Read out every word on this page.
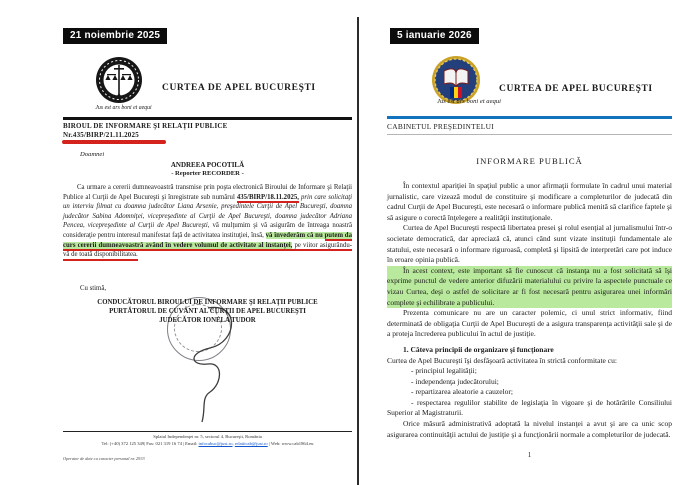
21 noiembrie 2025
Jus est ars boni et aequi
CURTEA DE APEL BUCUREŞTI
BIROUL DE INFORMARE ŞI RELAŢII PUBLICE
Nr.435/BIRP/21.11.2025
Doamnei
ANDREEA POCOTILĂ
- Reporter RECORDER -
Ca urmare a cererii dumneavoastră transmise prin poşta electronică Biroului de Informare şi Relaţii Publice al Curţii de Apel Bucureşti şi înregistrate sub numărul 435/BIRP/18.11.2025, prin care solicitaţi un interviu filmat cu doamna judecător Liana Arsenie, preşedintele Curţii de Apel Bucureşti, doamna judecător Sabina Adomniţei, vicepreşedinte al Curţii de Apel Bucureşti, doamna judecător Adriana Pencea, vicepreşedinte al Curţii de Apel Bucureşti, vă mulţumim şi vă asigurăm de întreaga noastră consideraţie pentru interesul manifestat faţă de activitatea instituţiei, însă, vă învederăm că nu putem da curs cererii dumneavoastră având în vedere volumul de activitate al instanţei, pe viitor asigurându-vă de toată disponibilitatea.
Cu stimă,
CONDUCĂTORUL BIROULUI DE INFORMARE ŞI RELAŢII PUBLICE
PURTĂTORUL DE CUVÂNT AL CURŢII DE APEL BUCUREŞTI
JUDECĂTOR IONELA TUDOR
Splaiul Independenţei nr. 5, sectorul 4, Bucureşti, România
Tel: (+40) 372 125 349| Fax: 021 319 16 74 | Email: infocabuc@just.ro, relatiicab@just.ro | Web: www.cab1864.eu
Operator de date cu caracter personal nr. 2933
5 ianuarie 2026
Jus est ars boni et aequi
CURTEA DE APEL BUCUREŞTI
CABINETUL PREŞEDINTELUI
INFORMARE PUBLICĂ

În contextul apariţiei în spaţiul public a unor afirmaţii formulate în cadrul unui material jurnalistic, care vizează modul de constituire şi modificare a completurilor de judecată din cadrul Curţii de Apel Bucureşti, este necesară o informare publică menită să clarifice faptele şi să asigure o corectă înţelegere a realităţii instituţionale.

Curtea de Apel Bucureşti respectă libertatea presei şi rolul esenţial al jurnalismului într-o societate democratică, dar apreciază că, atunci când sunt vizate instituţii fundamentale ale statului, este necesară o informare riguroasă, completă şi lipsită de interpretări care pot induce în eroare opinia publică.

În acest context, este important să fie cunoscut că instanţa nu a fost solicitată să îşi exprime punctul de vedere anterior difuzării materialului cu privire la aspectele punctuale ce vizau Curtea, deşi o astfel de solicitare ar fi fost necesară pentru asigurarea unei informări complete şi echilibrate a publicului.

Prezenta comunicare nu are un caracter polemic, ci unul strict informativ, fiind determinată de obligaţia Curţii de Apel Bucureşti de a asigura transparenţa activităţii sale şi de a proteja încrederea publicului în actul de justiţie.

1. Câteva principii de organizare şi funcţionare

Curtea de Apel Bucureşti îşi desfăşoară activitatea în strictă conformitate cu:

- principiul legalităţii;

- independenţa judecătorului;

- repartizarea aleatorie a cauzelor;

- respectarea regulilor stabilite de legislaţia în vigoare şi de hotărârile Consiliului Superior al Magistraturii.

Orice măsură administrativă adoptată la nivelul instanţei a avut şi are ca unic scop asigurarea continuităţii actului de justiţie şi a funcţionării normale a completurilor de judecată.

1
